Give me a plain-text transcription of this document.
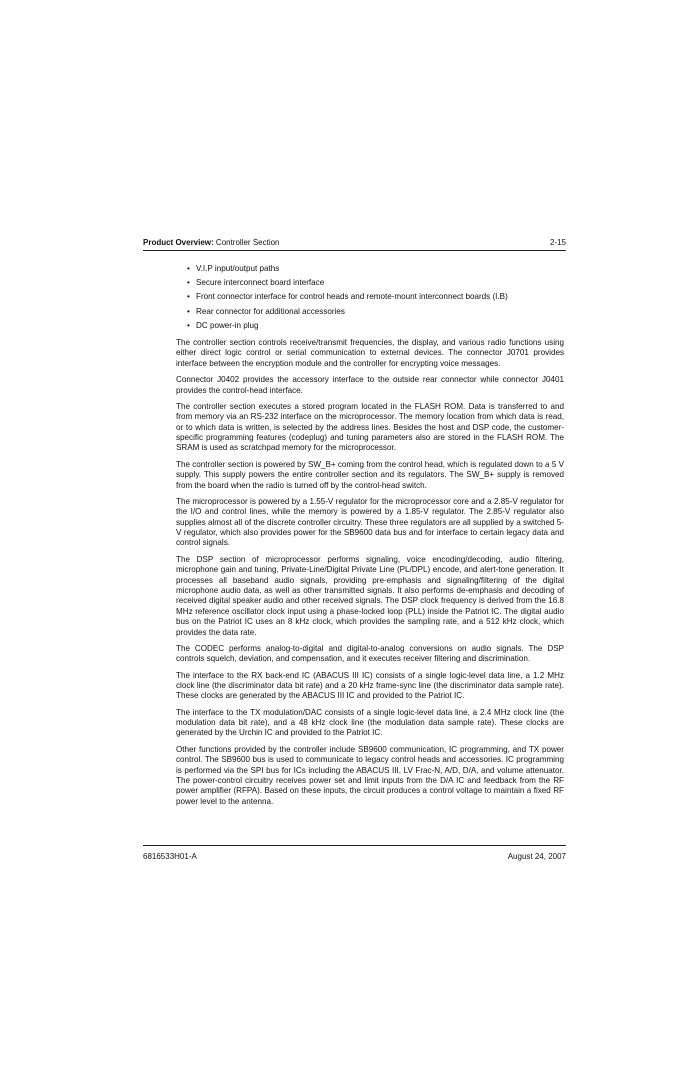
Product Overview: Controller Section	2-15
• V.I.P input/output paths
• Secure interconnect board interface
• Front connector interface for control heads and remote-mount interconnect boards (I.B)
• Rear connector for additional accessories
• DC power-in plug

The controller section controls receive/transmit frequencies, the display, and various radio functions using either direct logic control or serial communication to external devices. The connector J0701 provides interface between the encryption module and the controller for encrypting voice messages.

Connector J0402 provides the accessory interface to the outside rear connector while connector J0401 provides the control-head interface.

The controller section executes a stored program located in the FLASH ROM. Data is transferred to and from memory via an RS-232 interface on the microprocessor. The memory location from which data is read, or to which data is written, is selected by the address lines. Besides the host and DSP code, the customer-specific programming features (codeplug) and tuning parameters also are stored in the FLASH ROM. The SRAM is used as scratchpad memory for the microprocessor.

The controller section is powered by SW_B+ coming from the control head, which is regulated down to a 5 V supply. This supply powers the entire controller section and its regulators. The SW_B+ supply is removed from the board when the radio is turned off by the control-head switch.

The microprocessor is powered by a 1.55-V regulator for the microprocessor core and a 2.85-V regulator for the I/O and control lines, while the memory is powered by a 1.85-V regulator. The 2.85-V regulator also supplies almost all of the discrete controller circuitry. These three regulators are all supplied by a switched 5-V regulator, which also provides power for the SB9600 data bus and for interface to certain legacy data and control signals.

The DSP section of microprocessor performs signaling, voice encoding/decoding, audio filtering, microphone gain and tuning, Private-Line/Digital Private Line (PL/DPL) encode, and alert-tone generation. It processes all baseband audio signals, providing pre-emphasis and signaling/filtering of the digital microphone audio data, as well as other transmitted signals. It also performs de-emphasis and decoding of received digital speaker audio and other received signals. The DSP clock frequency is derived from the 16.8 MHz reference oscillator clock input using a phase-locked loop (PLL) inside the Patriot IC. The digital audio bus on the Patriot IC uses an 8 kHz clock, which provides the sampling rate, and a 512 kHz clock, which provides the data rate.

The CODEC performs analog-to-digital and digital-to-analog conversions on audio signals. The DSP controls squelch, deviation, and compensation, and it executes receiver filtering and discrimination.

The interface to the RX back-end IC (ABACUS III IC) consists of a single logic-level data line, a 1.2 MHz clock line (the discriminator data bit rate) and a 20 kHz frame-sync line (the discriminator data sample rate). These clocks are generated by the ABACUS III IC and provided to the Patriot IC.

The interface to the TX modulation/DAC consists of a single logic-level data line, a 2.4 MHz clock line (the modulation data bit rate), and a 48 kHz clock line (the modulation data sample rate). These clocks are generated by the Urchin IC and provided to the Patriot IC.

Other functions provided by the controller include SB9600 communication, IC programming, and TX power control. The SB9600 bus is used to communicate to legacy control heads and accessories. IC programming is performed via the SPI bus for ICs including the ABACUS III, LV Frac-N, A/D, D/A, and volume attenuator. The power-control circuitry receives power set and limit inputs from the D/A IC and feedback from the RF power amplifier (RFPA). Based on these inputs, the circuit produces a control voltage to maintain a fixed RF power level to the antenna.

6816533H01-A	August 24, 2007
